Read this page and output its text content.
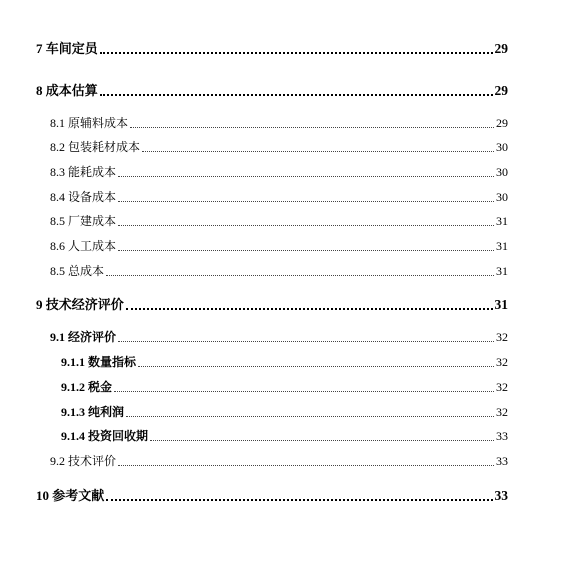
7 车间定员	29
8 成本估算	29
8.1 原辅料成本	29
8.2 包装耗材成本	30
8.3 能耗成本	30
8.4 设备成本	30
8.5 厂建成本	31
8.6 人工成本	31
8.5 总成本	31
9 技术经济评价	31
9.1 经济评价	32
9.1.1 数量指标	32
9.1.2 税金	32
9.1.3 纯利润	32
9.1.4 投资回收期	33
9.2 技术评价	33
10 参考文献	33
